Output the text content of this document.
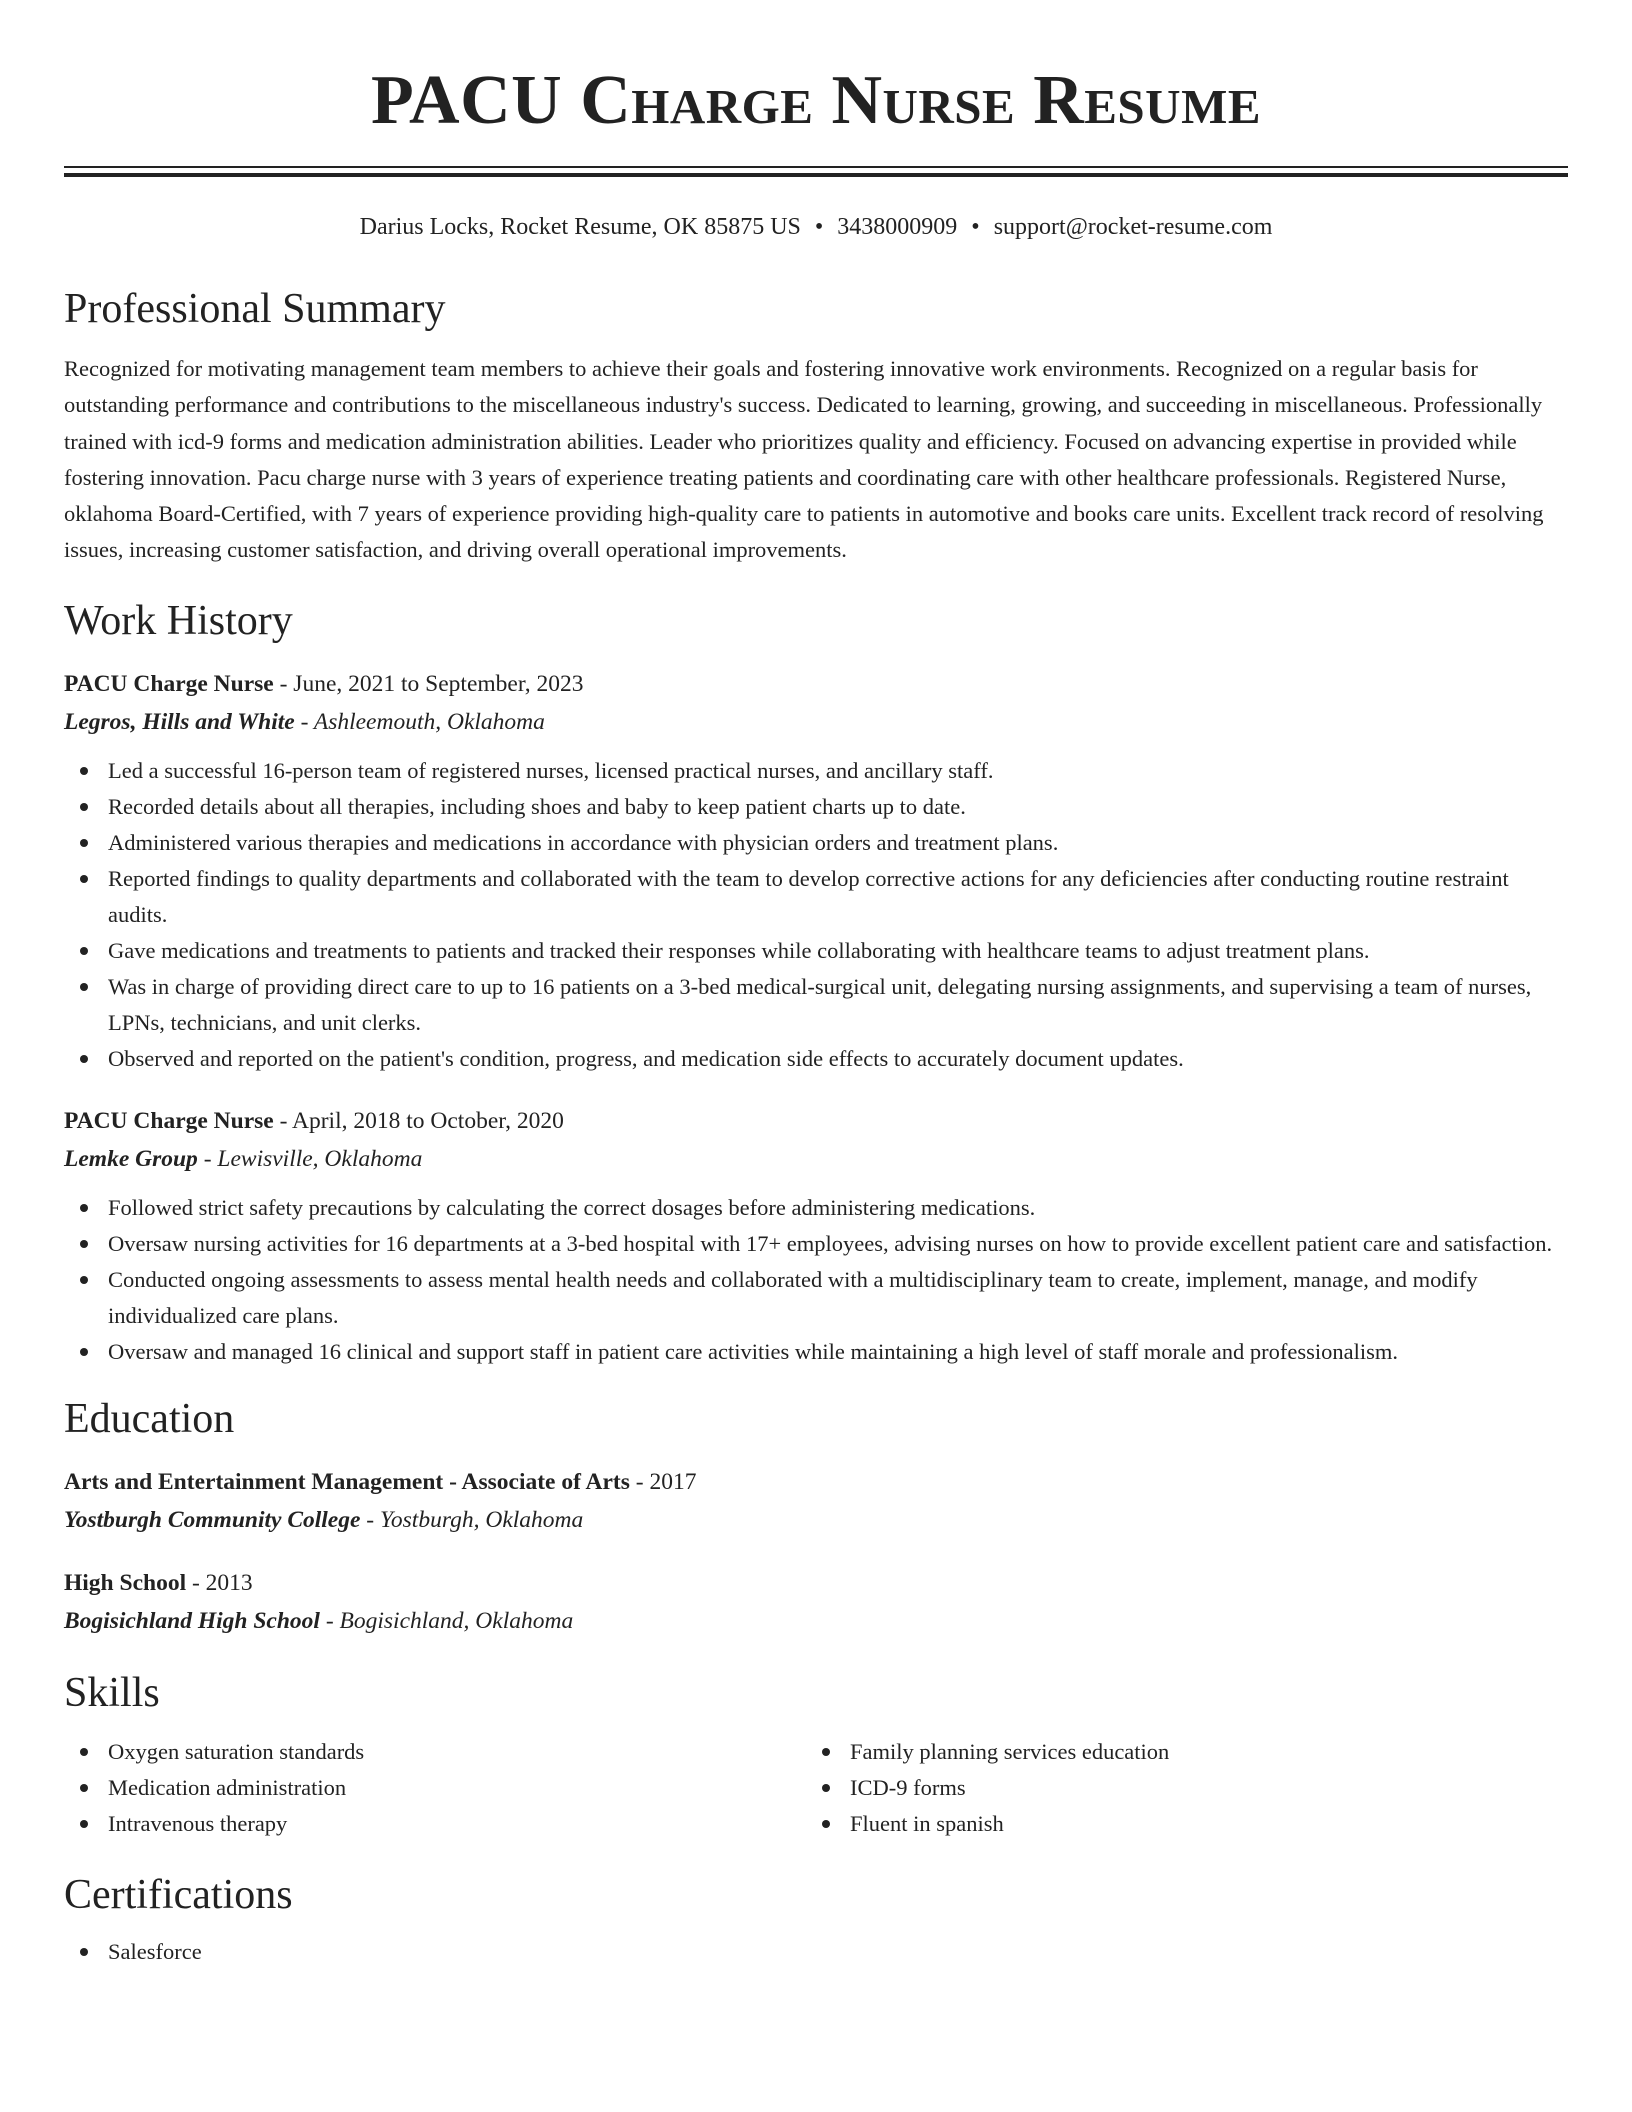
PACU Charge Nurse Resume
Darius Locks, Rocket Resume, OK 85875 US • 3438000909 • support@rocket-resume.com
Professional Summary

Recognized for motivating management team members to achieve their goals and fostering innovative work environments. Recognized on a regular basis for outstanding performance and contributions to the miscellaneous industry's success. Dedicated to learning, growing, and succeeding in miscellaneous. Professionally trained with icd-9 forms and medication administration abilities. Leader who prioritizes quality and efficiency. Focused on advancing expertise in provided while fostering innovation. Pacu charge nurse with 3 years of experience treating patients and coordinating care with other healthcare professionals. Registered Nurse, oklahoma Board-Certified, with 7 years of experience providing high-quality care to patients in automotive and books care units. Excellent track record of resolving issues, increasing customer satisfaction, and driving overall operational improvements.

Work History
PACU Charge Nurse - June, 2021 to September, 2023
Legros, Hills and White - Ashleemouth, Oklahoma
Led a successful 16-person team of registered nurses, licensed practical nurses, and ancillary staff.
Recorded details about all therapies, including shoes and baby to keep patient charts up to date.
Administered various therapies and medications in accordance with physician orders and treatment plans.
Reported findings to quality departments and collaborated with the team to develop corrective actions for any deficiencies after conducting routine restraint audits.
Gave medications and treatments to patients and tracked their responses while collaborating with healthcare teams to adjust treatment plans.
Was in charge of providing direct care to up to 16 patients on a 3-bed medical-surgical unit, delegating nursing assignments, and supervising a team of nurses, LPNs, technicians, and unit clerks.
Observed and reported on the patient's condition, progress, and medication side effects to accurately document updates.
PACU Charge Nurse - April, 2018 to October, 2020
Lemke Group - Lewisville, Oklahoma
Followed strict safety precautions by calculating the correct dosages before administering medications.
Oversaw nursing activities for 16 departments at a 3-bed hospital with 17+ employees, advising nurses on how to provide excellent patient care and satisfaction.
Conducted ongoing assessments to assess mental health needs and collaborated with a multidisciplinary team to create, implement, manage, and modify individualized care plans.
Oversaw and managed 16 clinical and support staff in patient care activities while maintaining a high level of staff morale and professionalism.
Education
Arts and Entertainment Management - Associate of Arts - 2017
Yostburgh Community College - Yostburgh, Oklahoma
High School - 2013
Bogisichland High School - Bogisichland, Oklahoma
Skills
Oxygen saturation standards
Medication administration
Intravenous therapy
Family planning services education
ICD-9 forms
Fluent in spanish
Certifications
Salesforce
